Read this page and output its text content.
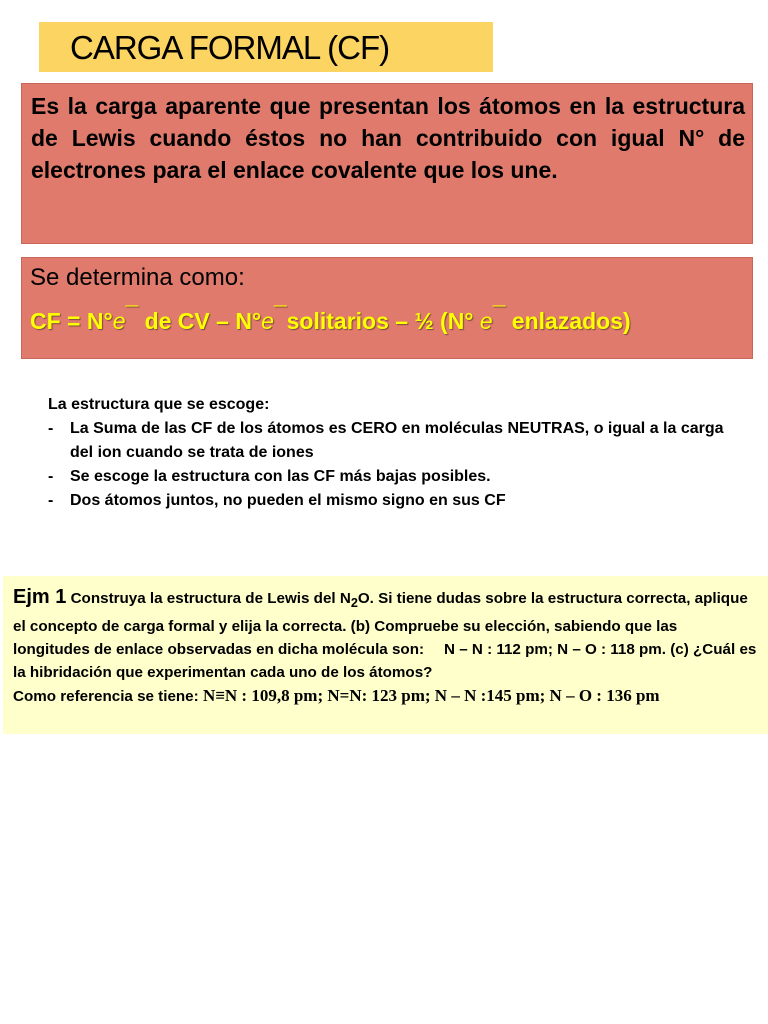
CARGA FORMAL (CF)
Es la carga aparente que presentan los átomos en la estructura de Lewis cuando éstos no han contribuido con igual N° de electrones para el enlace covalente que los une.
Se determina como:
CF = N°e¯ de CV – N°e¯solitarios – ½ (N° e¯ enlazados)
La estructura que se escoge:
- La Suma de las CF de los átomos es CERO en moléculas NEUTRAS, o igual a la carga del ion cuando se trata de iones
- Se escoge la estructura con las CF más bajas posibles.
- Dos átomos juntos, no pueden el mismo signo en sus CF
Ejm 1 Construya la estructura de Lewis del $N_2O$. Si tiene dudas sobre la estructura correcta, aplique el concepto de carga formal y elija la correcta. (b) Compruebe su elección, sabiendo que las longitudes de enlace observadas en dicha molécula son: N – N : 112 pm; N – O : 118 pm. (c) ¿Cuál es la hibridación que experimentan cada uno de los átomos?
Como referencia se tiene: N≡N : 109,8 pm; N=N: 123 pm; N – N :145 pm; N – O : 136 pm
